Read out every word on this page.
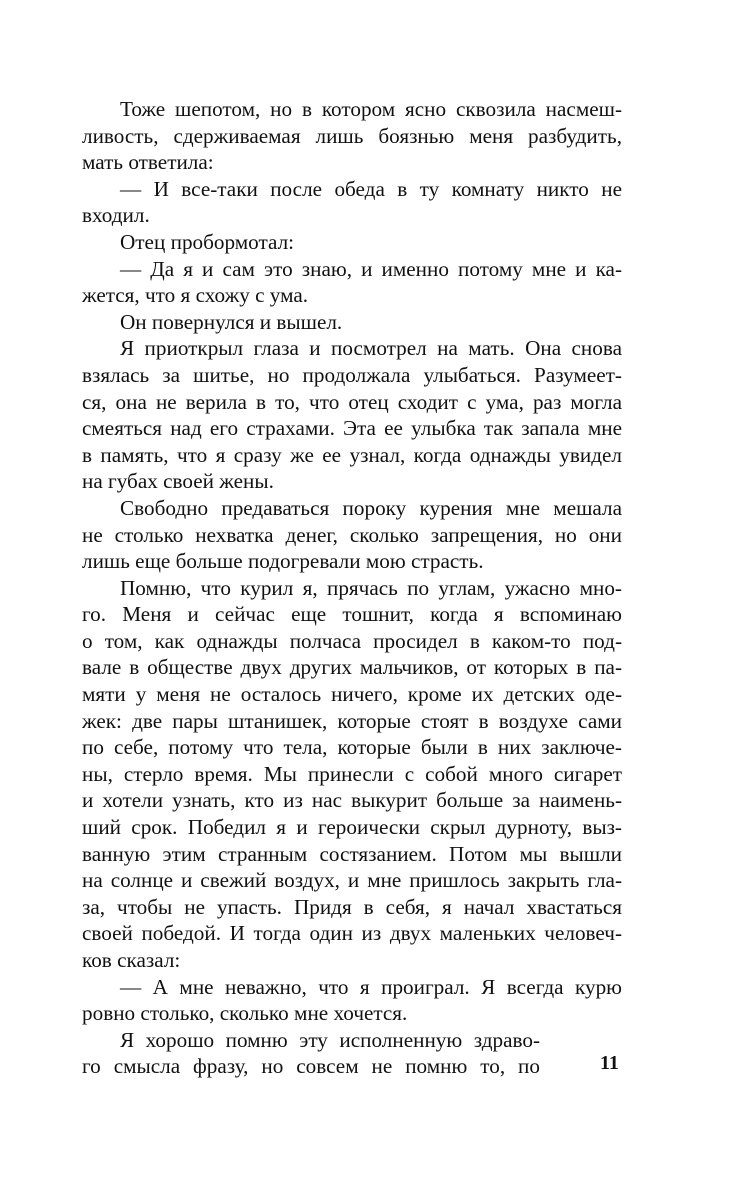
Тоже шепотом, но в котором ясно сквозила насмеш-
ливость, сдерживаемая лишь боязнью меня разбудить,
мать ответила:
— И все-таки после обеда в ту комнату никто не
входил.
Отец пробормотал:
— Да я и сам это знаю, и именно потому мне и ка-
жется, что я схожу с ума.
Он повернулся и вышел.
Я приоткрыл глаза и посмотрел на мать. Она снова
взялась за шитье, но продолжала улыбаться. Разумеет-
ся, она не верила в то, что отец сходит с ума, раз могла
смеяться над его страхами. Эта ее улыбка так запала мне
в память, что я сразу же ее узнал, когда однажды увидел
на губах своей жены.
Свободно предаваться пороку курения мне мешала
не столько нехватка денег, сколько запрещения, но они
лишь еще больше подогревали мою страсть.
Помню, что курил я, прячась по углам, ужасно мно-
го. Меня и сейчас еще тошнит, когда я вспоминаю
о том, как однажды полчаса просидел в каком-то под-
вале в обществе двух других мальчиков, от которых в па-
мяти у меня не осталось ничего, кроме их детских оде-
жек: две пары штанишек, которые стоят в воздухе сами
по себе, потому что тела, которые были в них заключе-
ны, стерло время. Мы принесли с собой много сигарет
и хотели узнать, кто из нас выкурит больше за наимень-
ший срок. Победил я и героически скрыл дурноту, выз-
ванную этим странным состязанием. Потом мы вышли
на солнце и свежий воздух, и мне пришлось закрыть гла-
за, чтобы не упасть. Придя в себя, я начал хвастаться
своей победой. И тогда один из двух маленьких человеч-
ков сказал:
— А мне неважно, что я проиграл. Я всегда курю
ровно столько, сколько мне хочется.
Я хорошо помню эту исполненную здраво-
го смысла фразу, но совсем не помню то, по	11
